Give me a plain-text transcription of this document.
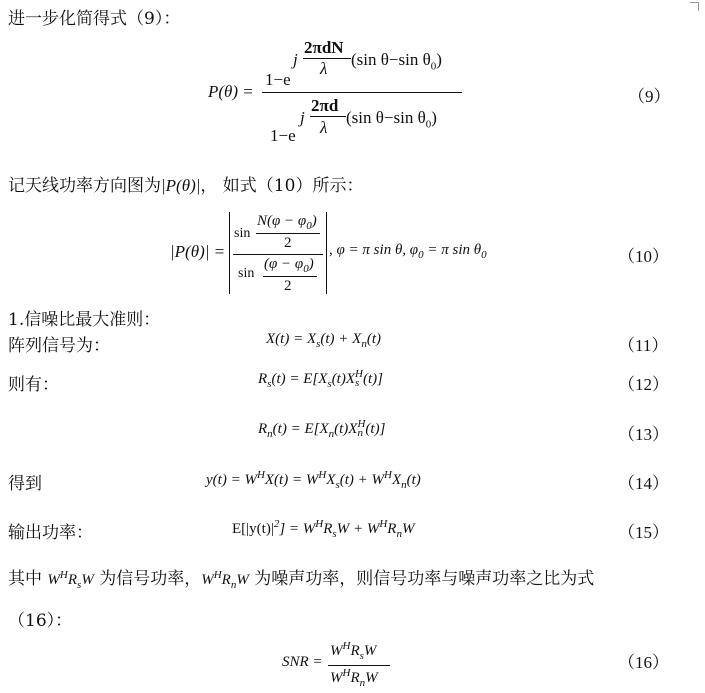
进一步化简得式（9）：
P(θ) =
1−e
j
2πdN
λ (sin θ−sin $\theta_0$)
j
2πd
λ
(sin θ−sin $\theta_0$)
1−e
（9）
记天线功率方向图为|P(θ)|， 如式（10）所示：
|P(θ)| =
sin
$N(\varphi - \varphi_0)$
2
sin
$(\varphi - \varphi_0)$
2
, φ = π sin θ, $\varphi_0 = \pi$ $\sin \theta_0$	（10）
1.信噪比最大准则：
阵列信号为：	$X(t) = X_s(t) + X_n(t)$	（11）
则有：	$R_s(t) = E[X_s(t)XH$
s (t)]	（12）
$R_n(t) = E[X_n(t)XH$
n (t)]	（13）
得到	$y(t) = W^HX(t) = W^HX_s(t) + W^HX_n(t)$	（14）
输出功率：	$E[|y(t)|^2] = W^HR_sW + W^HR_nW$	（15）
其中 $W^HR_sW$ 为信号功率，$W^HR_nW$ 为噪声功率，则信号功率与噪声功率之比为式
（16）：
SNR =
$W^HR_sW$
$W^HR_nW$
（16）
